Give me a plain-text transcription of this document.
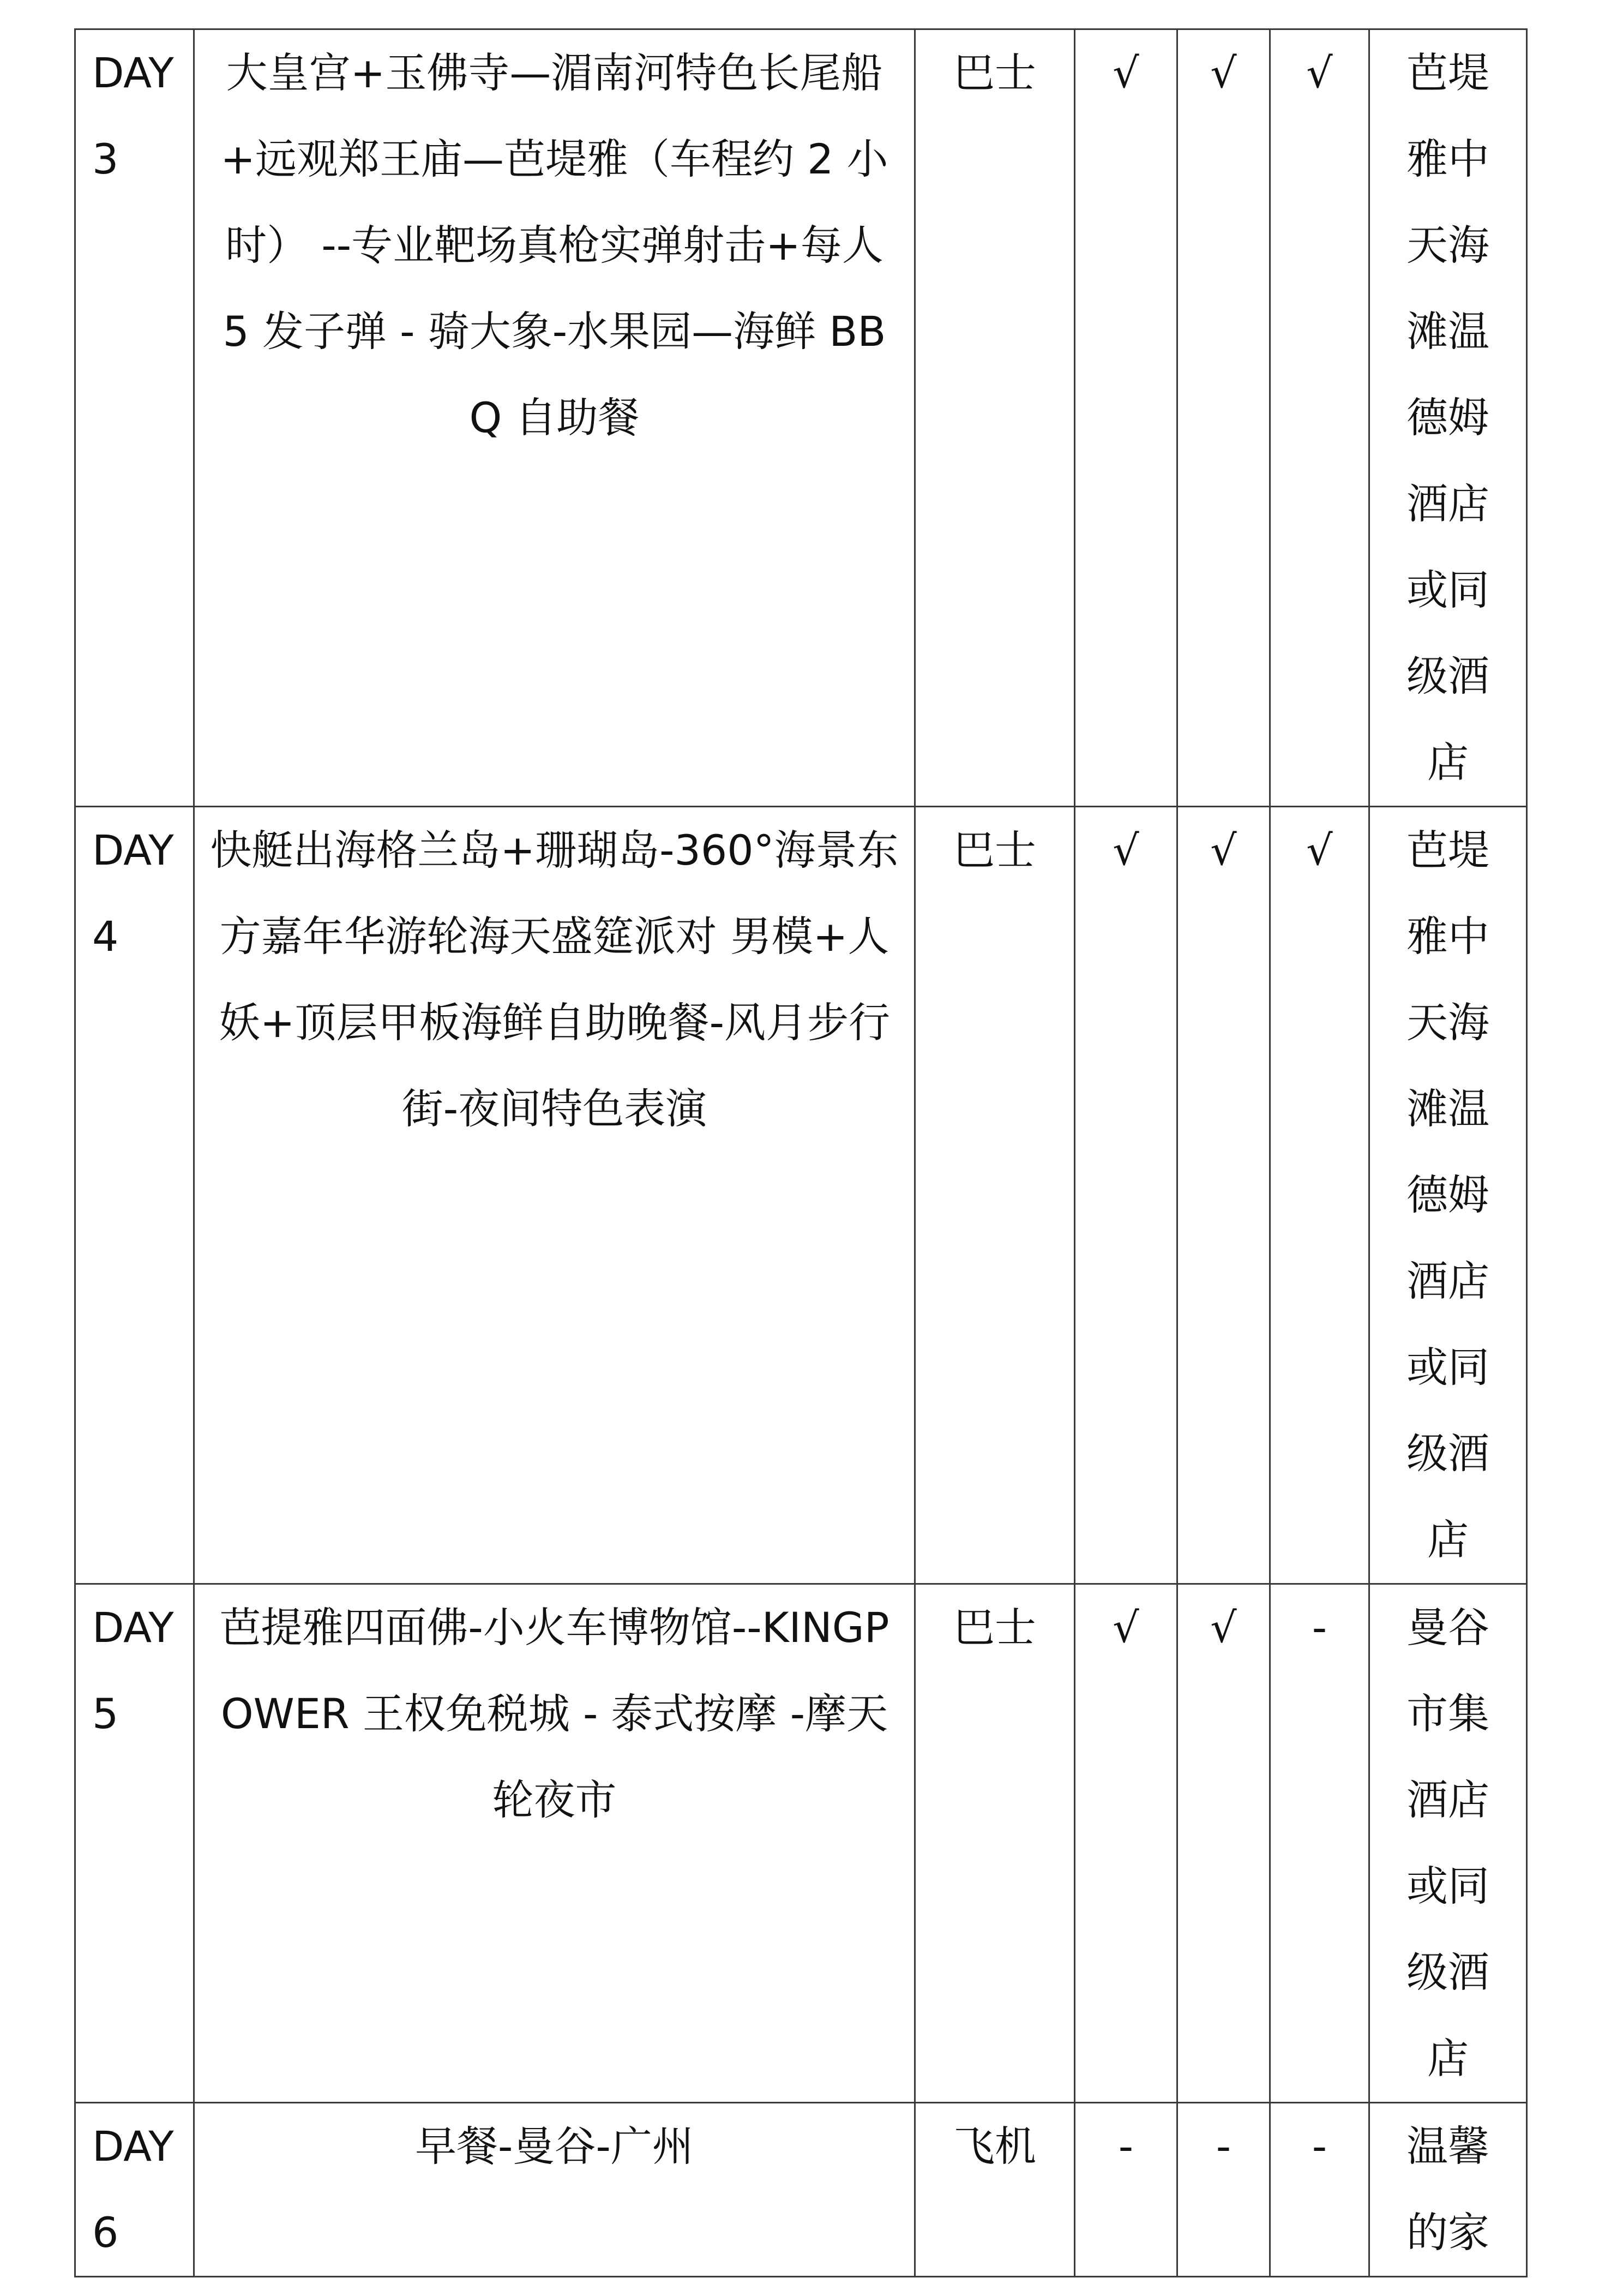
DAY3	大皇宫+玉佛寺—湄南河特色长尾船+远观郑王庙—芭堤雅（车程约 2 小时） --专业靶场真枪实弹射击+每人 5 发子弹 - 骑大象-水果园—海鲜 BBQ 自助餐	巴士	√	√	√	芭堤雅中天海滩温德姆酒店或同级酒店
DAY4	快艇出海格兰岛+珊瑚岛-360°海景东方嘉年华游轮海天盛筵派对 男模+人妖+顶层甲板海鲜自助晚餐-风月步行街-夜间特色表演	巴士	√	√	√	芭堤雅中天海滩温德姆酒店或同级酒店
DAY5	芭提雅四面佛-小火车博物馆--KINGPOWER 王权免税城 - 泰式按摩 -摩天轮夜市	巴士	√	√	-	曼谷市集酒店或同级酒店
DAY6	早餐-曼谷-广州	飞机	-	-	-	温馨的家
